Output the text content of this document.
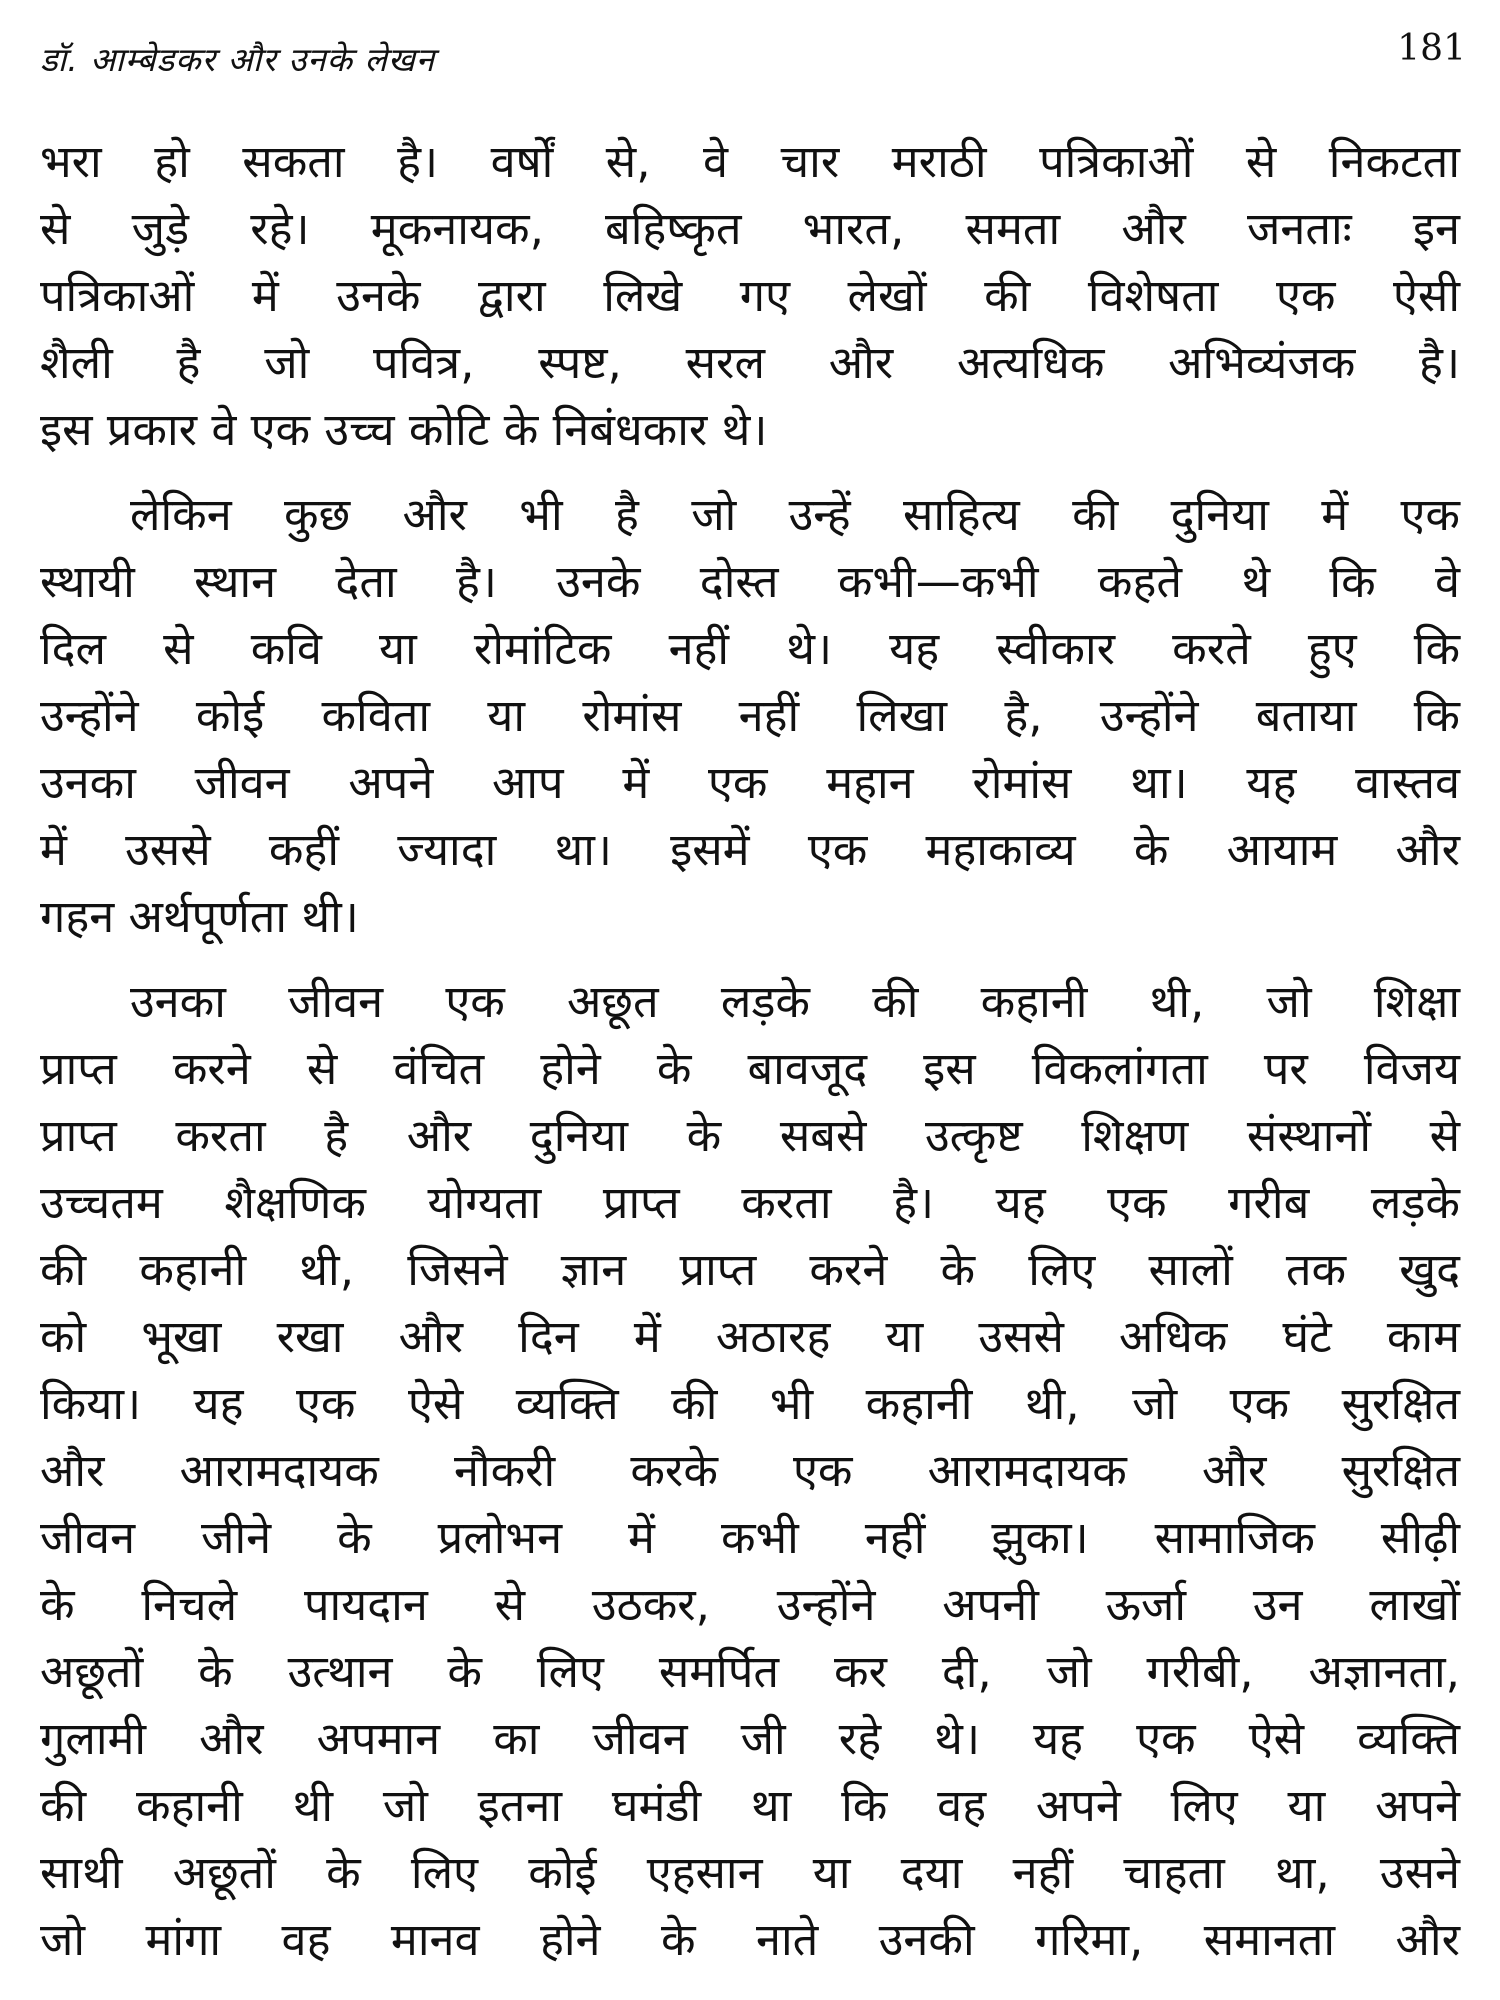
डॉ. आम्बेडकर और उनके लेखन	181

भरा हो सकता है। वर्षों से, वे चार मराठी पत्रिकाओं से निकटता
से जुड़े रहे। मूकनायक, बहिष्कृत भारत, समता और जनताः इन
पत्रिकाओं में उनके द्वारा लिखे गए लेखों की विशेषता एक ऐसी
शैली है जो पवित्र, स्पष्ट, सरल और अत्यधिक अभिव्यंजक है।
इस प्रकार वे एक उच्च कोटि के निबंधकार थे।

लेकिन कुछ और भी है जो उन्हें साहित्य की दुनिया में एक
स्थायी स्थान देता है। उनके दोस्त कभी—कभी कहते थे कि वे
दिल से कवि या रोमांटिक नहीं थे। यह स्वीकार करते हुए कि
उन्होंने कोई कविता या रोमांस नहीं लिखा है, उन्होंने बताया कि
उनका जीवन अपने आप में एक महान रोमांस था। यह वास्तव
में उससे कहीं ज्यादा था। इसमें एक महाकाव्य के आयाम और
गहन अर्थपूर्णता थी।

उनका जीवन एक अछूत लड़के की कहानी थी, जो शिक्षा
प्राप्त करने से वंचित होने के बावजूद इस विकलांगता पर विजय
प्राप्त करता है और दुनिया के सबसे उत्कृष्ट शिक्षण संस्थानों से
उच्चतम शैक्षणिक योग्यता प्राप्त करता है। यह एक गरीब लड़के
की कहानी थी, जिसने ज्ञान प्राप्त करने के लिए सालों तक खुद
को भूखा रखा और दिन में अठारह या उससे अधिक घंटे काम
किया। यह एक ऐसे व्यक्ति की भी कहानी थी, जो एक सुरक्षित
और आरामदायक नौकरी करके एक आरामदायक और सुरक्षित
जीवन जीने के प्रलोभन में कभी नहीं झुका। सामाजिक सीढ़ी
के निचले पायदान से उठकर, उन्होंने अपनी ऊर्जा उन लाखों
अछूतों के उत्थान के लिए समर्पित कर दी, जो गरीबी, अज्ञानता,
गुलामी और अपमान का जीवन जी रहे थे। यह एक ऐसे व्यक्ति
की कहानी थी जो इतना घमंडी था कि वह अपने लिए या अपने
साथी अछूतों के लिए कोई एहसान या दया नहीं चाहता था, उसने
जो मांगा वह मानव होने के नाते उनकी गरिमा, समानता और
